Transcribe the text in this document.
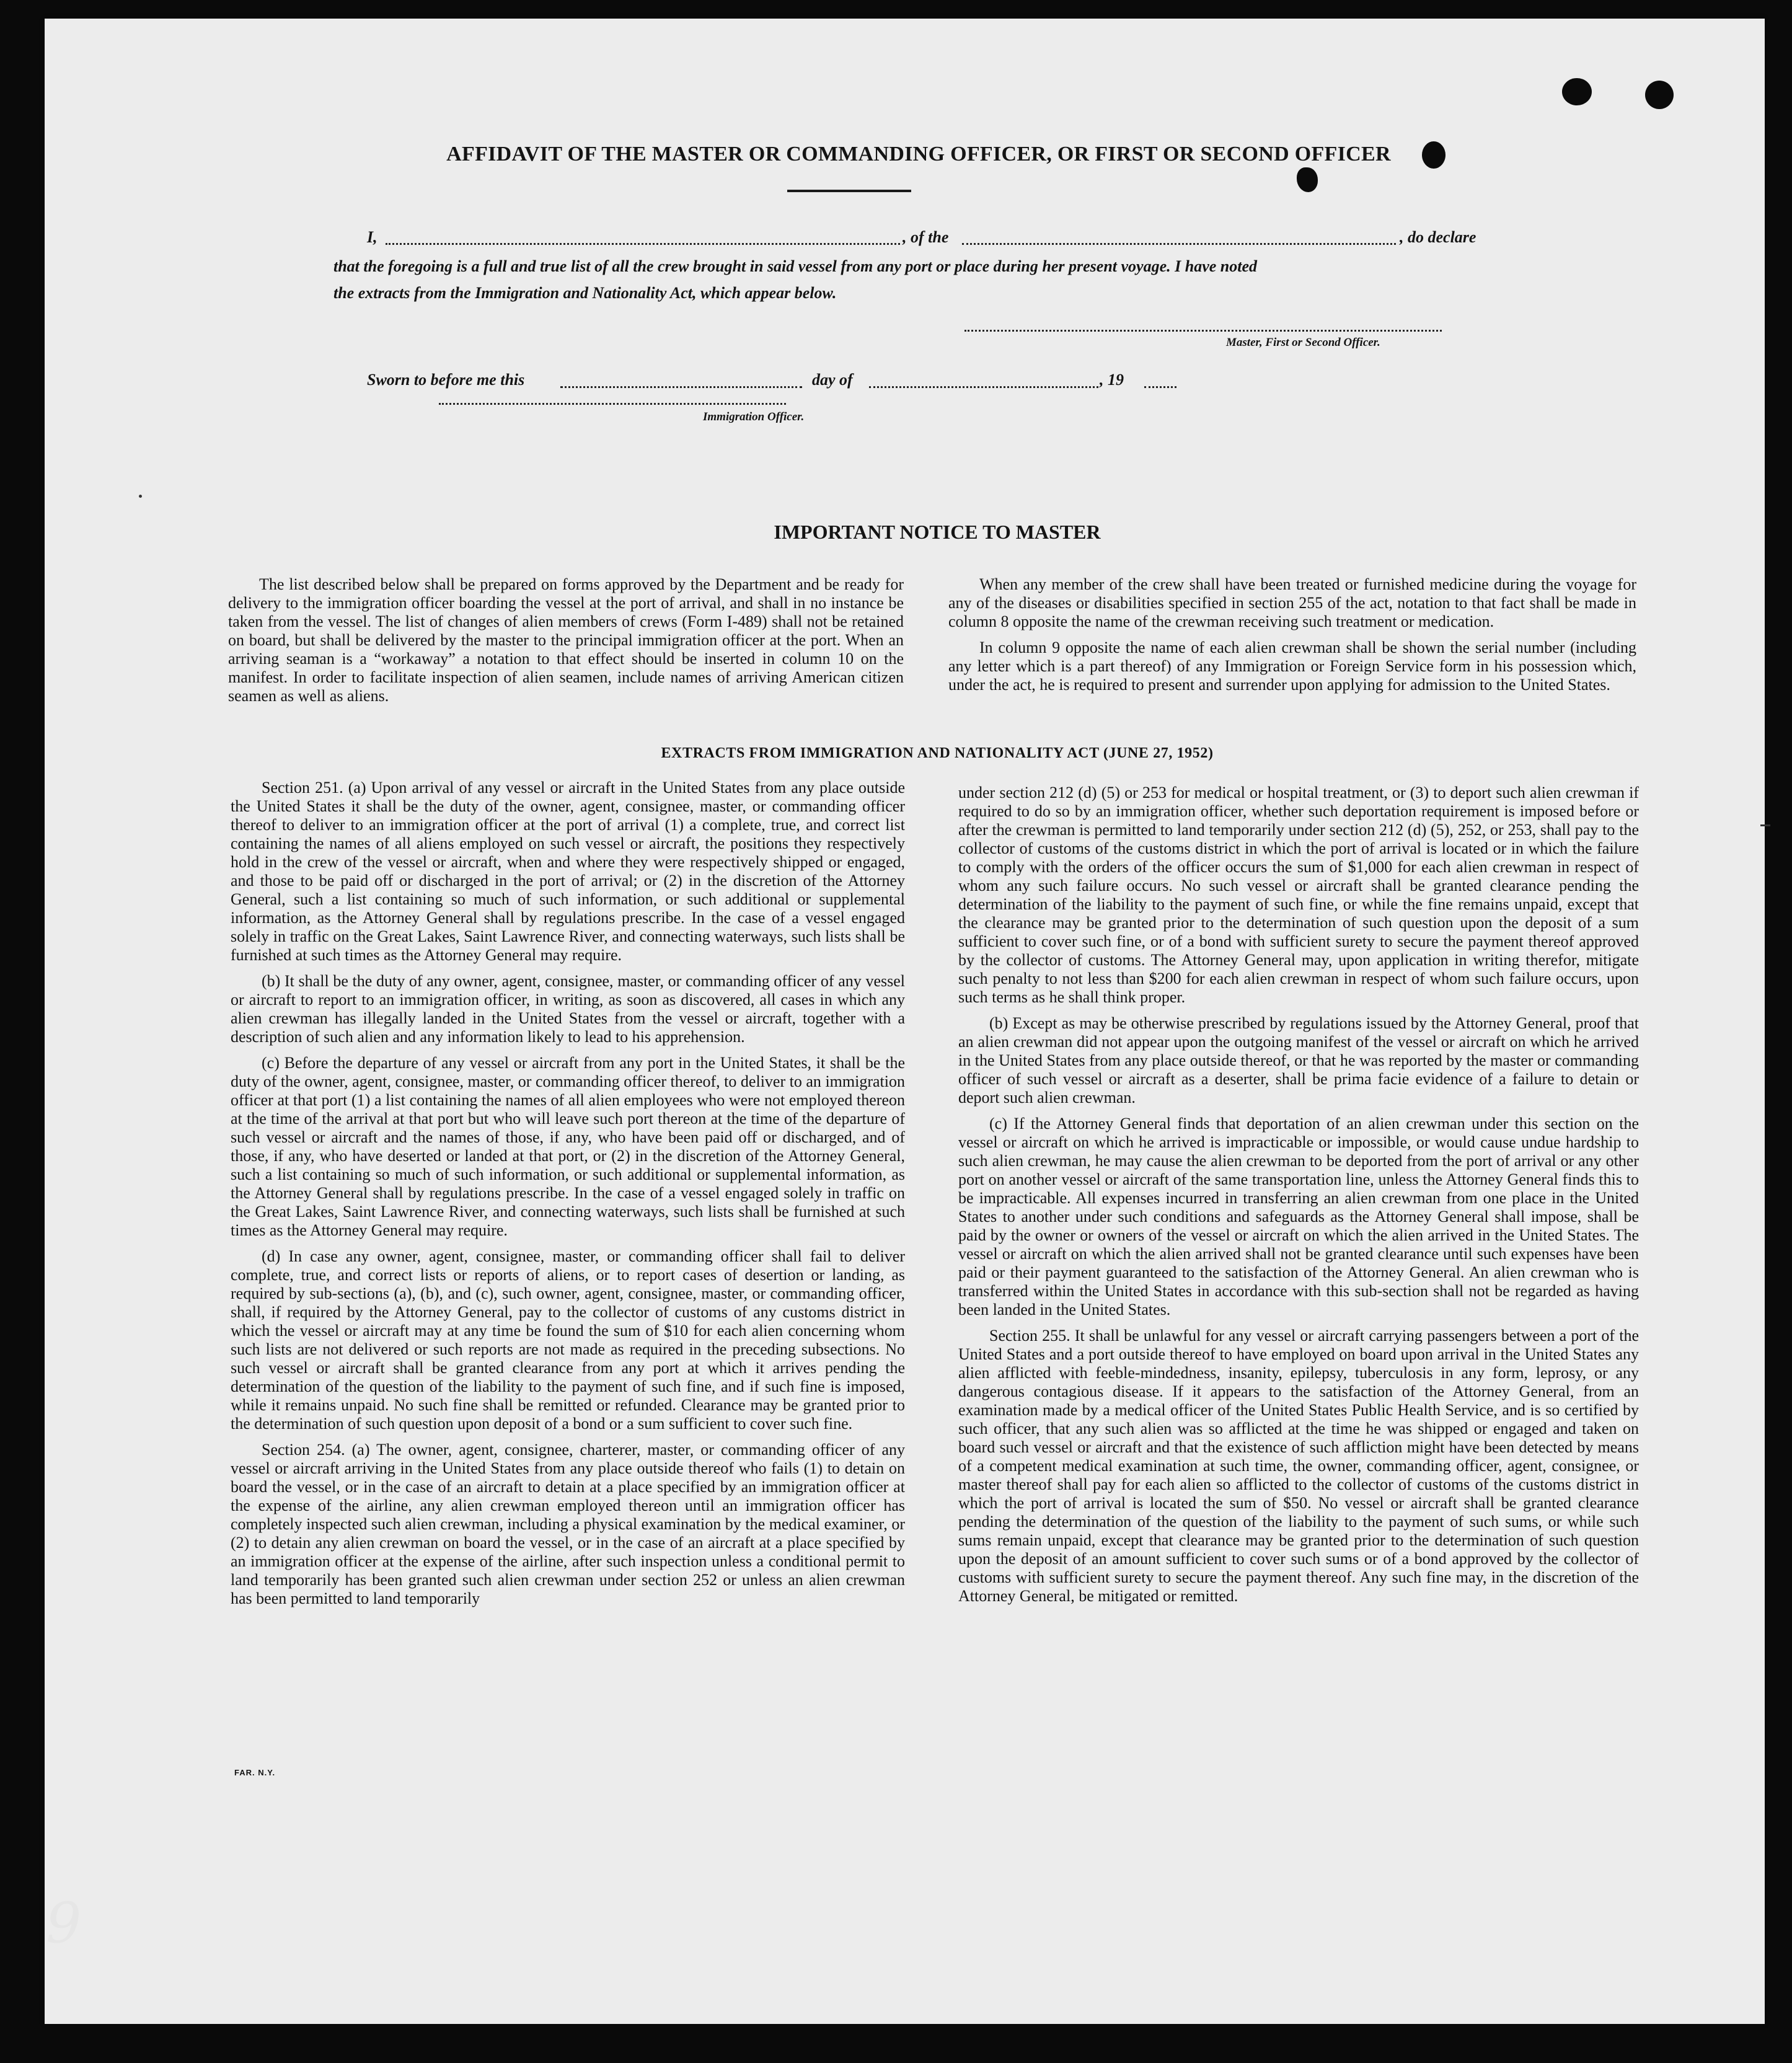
AFFIDAVIT OF THE MASTER OR COMMANDING OFFICER, OR FIRST OR SECOND OFFICER
I,	, of the	, do declare
that the foregoing is a full and true list of all the crew brought in said vessel from any port or place during her present voyage. I have noted
the extracts from the Immigration and Nationality Act, which appear below.
Master, First or Second Officer.
Sworn to before me this	day of	, 19
Immigration Officer.
IMPORTANT NOTICE TO MASTER

The list described below shall be prepared on forms approved by the Department and be ready for delivery to the immigration officer boarding the vessel at the port of arrival, and shall in no instance be taken from the vessel. The list of changes of alien members of crews (Form I-489) shall not be retained on board, but shall be delivered by the master to the principal immigration officer at the port. When an arriving seaman is a “workaway” a notation to that effect should be inserted in column 10 on the manifest. In order to facilitate inspection of alien seamen, include names of arriving American citizen seamen as well as aliens.

When any member of the crew shall have been treated or furnished medicine during the voyage for any of the diseases or disabilities specified in section 255 of the act, notation to that fact shall be made in column 8 opposite the name of the crewman receiving such treatment or medication.

In column 9 opposite the name of each alien crewman shall be shown the serial number (including any letter which is a part thereof) of any Immigration or Foreign Service form in his possession which, under the act, he is required to present and surrender upon applying for admission to the United States.

EXTRACTS FROM IMMIGRATION AND NATIONALITY ACT (JUNE 27, 1952)

Section 251. (a) Upon arrival of any vessel or aircraft in the United States from any place outside the United States it shall be the duty of the owner, agent, consignee, master, or commanding officer thereof to deliver to an immigration officer at the port of arrival (1) a complete, true, and correct list containing the names of all aliens employed on such vessel or aircraft, the positions they respectively hold in the crew of the vessel or aircraft, when and where they were respectively shipped or engaged, and those to be paid off or discharged in the port of arrival; or (2) in the discretion of the Attorney General, such a list containing so much of such information, or such additional or supplemental information, as the Attorney General shall by regulations prescribe. In the case of a vessel engaged solely in traffic on the Great Lakes, Saint Lawrence River, and connecting waterways, such lists shall be furnished at such times as the Attorney General may require.

(b) It shall be the duty of any owner, agent, consignee, master, or commanding officer of any vessel or aircraft to report to an immigration officer, in writing, as soon as discovered, all cases in which any alien crewman has illegally landed in the United States from the vessel or aircraft, together with a description of such alien and any information likely to lead to his apprehension.

(c) Before the departure of any vessel or aircraft from any port in the United States, it shall be the duty of the owner, agent, consignee, master, or commanding officer thereof, to deliver to an immigration officer at that port (1) a list containing the names of all alien employees who were not employed thereon at the time of the arrival at that port but who will leave such port thereon at the time of the departure of such vessel or aircraft and the names of those, if any, who have been paid off or discharged, and of those, if any, who have deserted or landed at that port, or (2) in the discretion of the Attorney General, such a list containing so much of such information, or such additional or supplemental information, as the Attorney General shall by regulations prescribe. In the case of a vessel engaged solely in traffic on the Great Lakes, Saint Lawrence River, and connecting waterways, such lists shall be furnished at such times as the Attorney General may require.

(d) In case any owner, agent, consignee, master, or commanding officer shall fail to deliver complete, true, and correct lists or reports of aliens, or to report cases of desertion or landing, as required by sub-sections (a), (b), and (c), such owner, agent, consignee, master, or commanding officer, shall, if required by the Attorney General, pay to the collector of customs of any customs district in which the vessel or aircraft may at any time be found the sum of $10 for each alien concerning whom such lists are not delivered or such reports are not made as required in the preceding subsections. No such vessel or aircraft shall be granted clearance from any port at which it arrives pending the determination of the question of the liability to the payment of such fine, and if such fine is imposed, while it remains unpaid. No such fine shall be remitted or refunded. Clearance may be granted prior to the determination of such question upon deposit of a bond or a sum sufficient to cover such fine.

Section 254. (a) The owner, agent, consignee, charterer, master, or commanding officer of any vessel or aircraft arriving in the United States from any place outside thereof who fails (1) to detain on board the vessel, or in the case of an aircraft to detain at a place specified by an immigration officer at the expense of the airline, any alien crewman employed thereon until an immigration officer has completely inspected such alien crewman, including a physical examination by the medical examiner, or (2) to detain any alien crewman on board the vessel, or in the case of an aircraft at a place specified by an immigration officer at the expense of the airline, after such inspection unless a conditional permit to land temporarily has been granted such alien crewman under section 252 or unless an alien crewman has been permitted to land temporarily

under section 212 (d) (5) or 253 for medical or hospital treatment, or (3) to deport such alien crewman if required to do so by an immigration officer, whether such deportation requirement is imposed before or after the crewman is permitted to land temporarily under section 212 (d) (5), 252, or 253, shall pay to the collector of customs of the customs district in which the port of arrival is located or in which the failure to comply with the orders of the officer occurs the sum of $1,000 for each alien crewman in respect of whom any such failure occurs. No such vessel or aircraft shall be granted clearance pending the determination of the liability to the payment of such fine, or while the fine remains unpaid, except that the clearance may be granted prior to the determination of such question upon the deposit of a sum sufficient to cover such fine, or of a bond with sufficient surety to secure the payment thereof approved by the collector of customs. The Attorney General may, upon application in writing therefor, mitigate such penalty to not less than $200 for each alien crewman in respect of whom such failure occurs, upon such terms as he shall think proper.

(b) Except as may be otherwise prescribed by regulations issued by the Attorney General, proof that an alien crewman did not appear upon the outgoing manifest of the vessel or aircraft on which he arrived in the United States from any place outside thereof, or that he was reported by the master or commanding officer of such vessel or aircraft as a deserter, shall be prima facie evidence of a failure to detain or deport such alien crewman.

(c) If the Attorney General finds that deportation of an alien crewman under this section on the vessel or aircraft on which he arrived is impracticable or impossible, or would cause undue hardship to such alien crewman, he may cause the alien crewman to be deported from the port of arrival or any other port on another vessel or aircraft of the same transportation line, unless the Attorney General finds this to be impracticable. All expenses incurred in transferring an alien crewman from one place in the United States to another under such conditions and safeguards as the Attorney General shall impose, shall be paid by the owner or owners of the vessel or aircraft on which the alien arrived in the United States. The vessel or aircraft on which the alien arrived shall not be granted clearance until such expenses have been paid or their payment guaranteed to the satisfaction of the Attorney General. An alien crewman who is transferred within the United States in accordance with this sub-section shall not be regarded as having been landed in the United States.

Section 255. It shall be unlawful for any vessel or aircraft carrying passengers between a port of the United States and a port outside thereof to have employed on board upon arrival in the United States any alien afflicted with feeble-mindedness, insanity, epilepsy, tuberculosis in any form, leprosy, or any dangerous contagious disease. If it appears to the satisfaction of the Attorney General, from an examination made by a medical officer of the United States Public Health Service, and is so certified by such officer, that any such alien was so afflicted at the time he was shipped or engaged and taken on board such vessel or aircraft and that the existence of such affliction might have been detected by means of a competent medical examination at such time, the owner, commanding officer, agent, consignee, or master thereof shall pay for each alien so afflicted to the collector of customs of the customs district in which the port of arrival is located the sum of $50. No vessel or aircraft shall be granted clearance pending the determination of the question of the liability to the payment of such sums, or while such sums remain unpaid, except that clearance may be granted prior to the determination of such question upon the deposit of an amount sufficient to cover such sums or of a bond approved by the collector of customs with sufficient surety to secure the payment thereof. Any such fine may, in the discretion of the Attorney General, be mitigated or remitted.

FAR. N.Y.
9
